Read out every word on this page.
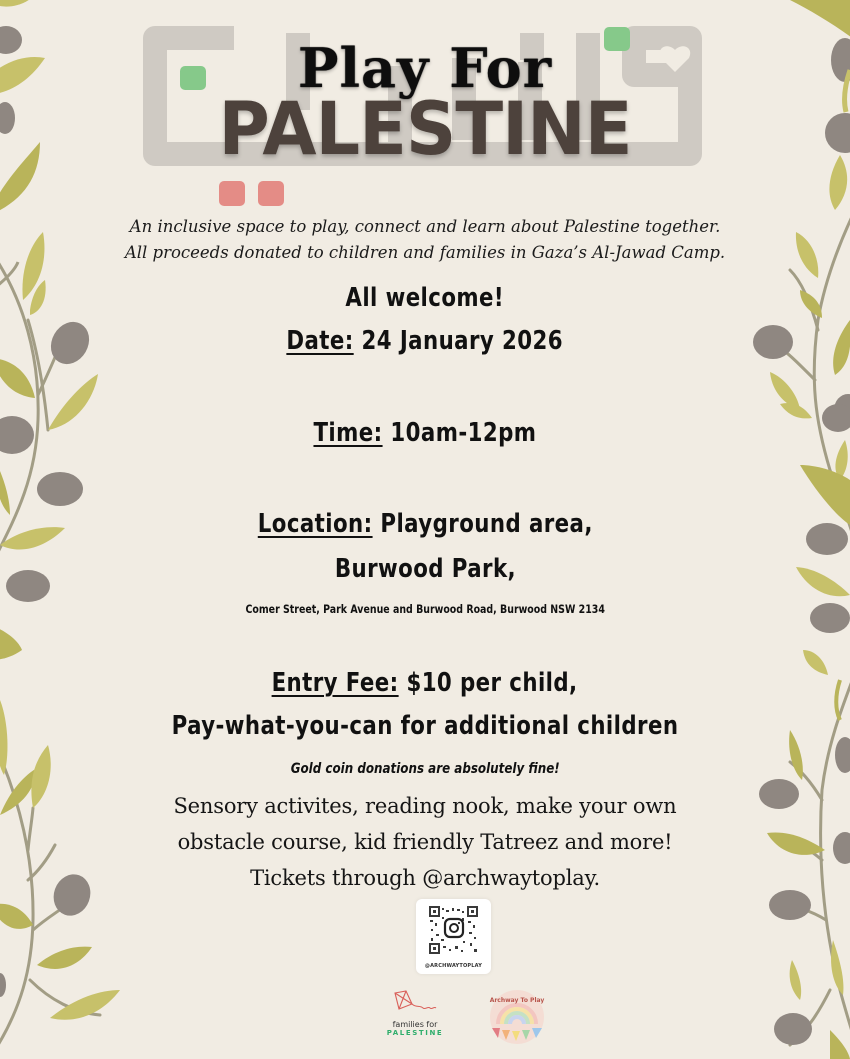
Play For
PALESTINE
An inclusive space to play, connect and learn about Palestine together.
All proceeds donated to children and families in Gaza’s Al-Jawad Camp.
All welcome!
Date: 24 January 2026
Time: 10am-12pm
Location: Playground area,
Burwood Park,
Comer Street, Park Avenue and Burwood Road, Burwood NSW 2134
Entry Fee: $10 per child,
Pay-what-you-can for additional children
Gold coin donations are absolutely fine!
Sensory activites, reading nook, make your own
obstacle course, kid friendly Tatreez and more!
Tickets through @archwaytoplay.
@ARCHWAYTOPLAY
families for
PALESTINE
Archway To Play
